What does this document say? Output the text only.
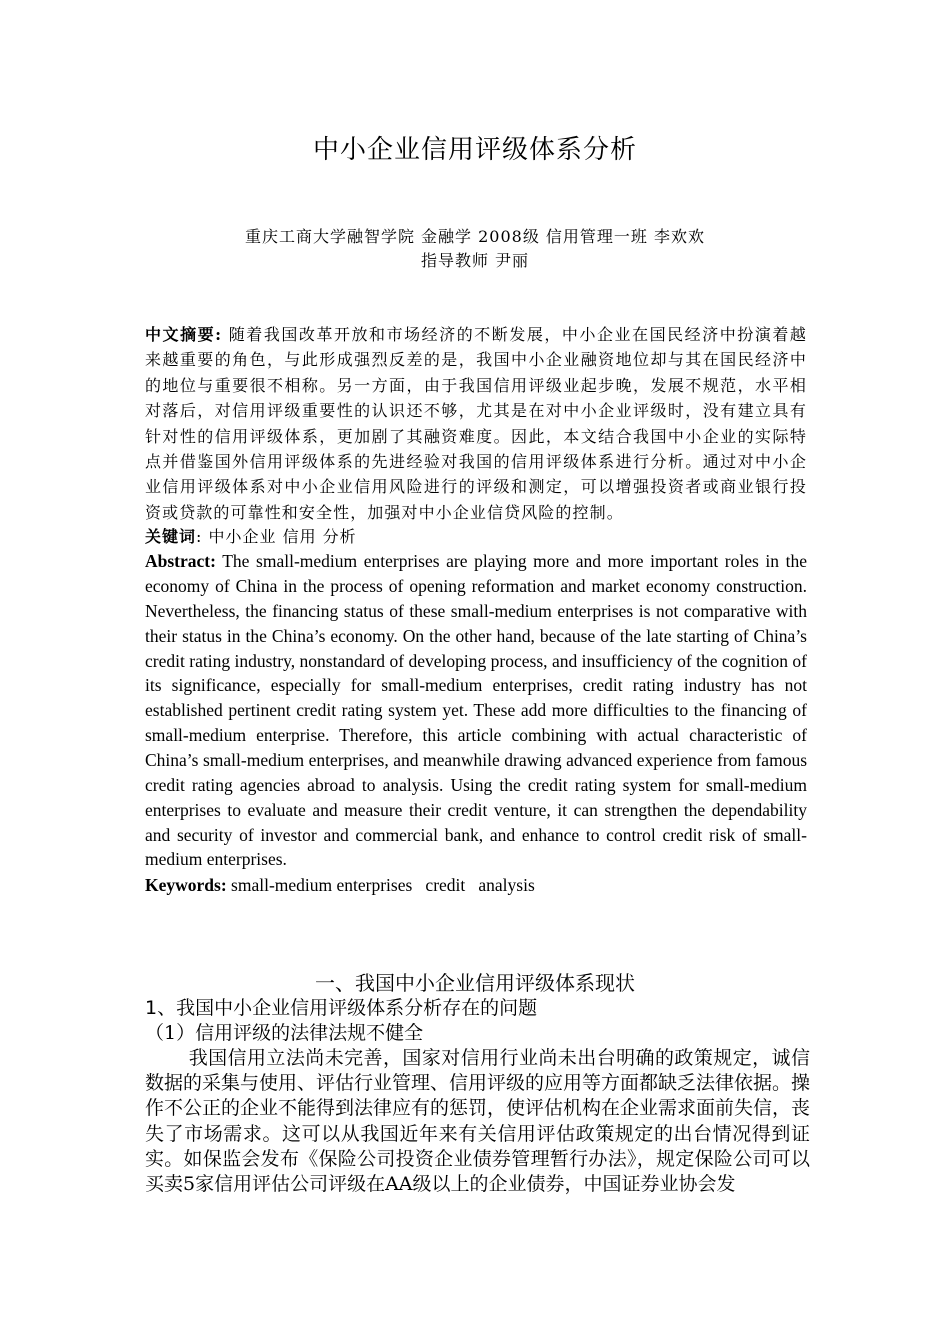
中小企业信用评级体系分析
重庆工商大学融智学院 金融学 2008级 信用管理一班 李欢欢
指导教师 尹丽

中文摘要: 随着我国改革开放和市场经济的不断发展，中小企业在国民经济中扮演着越来越重要的角色，与此形成强烈反差的是，我国中小企业融资地位却与其在国民经济中的地位与重要很不相称。另一方面，由于我国信用评级业起步晚，发展不规范，水平相对落后，对信用评级重要性的认识还不够，尤其是在对中小企业评级时，没有建立具有针对性的信用评级体系，更加剧了其融资难度。因此，本文结合我国中小企业的实际特点并借鉴国外信用评级体系的先进经验对我国的信用评级体系进行分析。通过对中小企业信用评级体系对中小企业信用风险进行的评级和测定，可以增强投资者或商业银行投资或贷款的可靠性和安全性，加强对中小企业信贷风险的控制。

关键词: 中小企业 信用 分析

Abstract: The small-medium enterprises are playing more and more important roles in the economy of China in the process of opening reformation and market economy construction. Nevertheless, the financing status of these small-medium enterprises is not comparative with their status in the China’s economy. On the other hand, because of the late starting of China’s credit rating industry, nonstandard of developing process, and insufficiency of the cognition of its significance, especially for small-medium enterprises, credit rating industry has not established pertinent credit rating system yet. These add more difficulties to the financing of small-medium enterprise. Therefore, this article combining with actual characteristic of China’s small-medium enterprises, and meanwhile drawing advanced experience from famous credit rating agencies abroad to analysis. Using the credit rating system for small-medium enterprises to evaluate and measure their credit venture, it can strengthen the dependability and security of investor and commercial bank, and enhance to control credit risk of small-medium enterprises.

Keywords: small-medium enterprises   credit   analysis

一、我国中小企业信用评级体系现状

1、我国中小企业信用评级体系分析存在的问题

（1）信用评级的法律法规不健全

我国信用立法尚未完善，国家对信用行业尚未出台明确的政策规定，诚信数据的采集与使用、评估行业管理、信用评级的应用等方面都缺乏法律依据。操作不公正的企业不能得到法律应有的惩罚，使评估机构在企业需求面前失信，丧失了市场需求。这可以从我国近年来有关信用评估政策规定的出台情况得到证实。如保监会发布《保险公司投资企业债券管理暂行办法》，规定保险公司可以买卖5家信用评估公司评级在AA级以上的企业债券，中国证券业协会发
